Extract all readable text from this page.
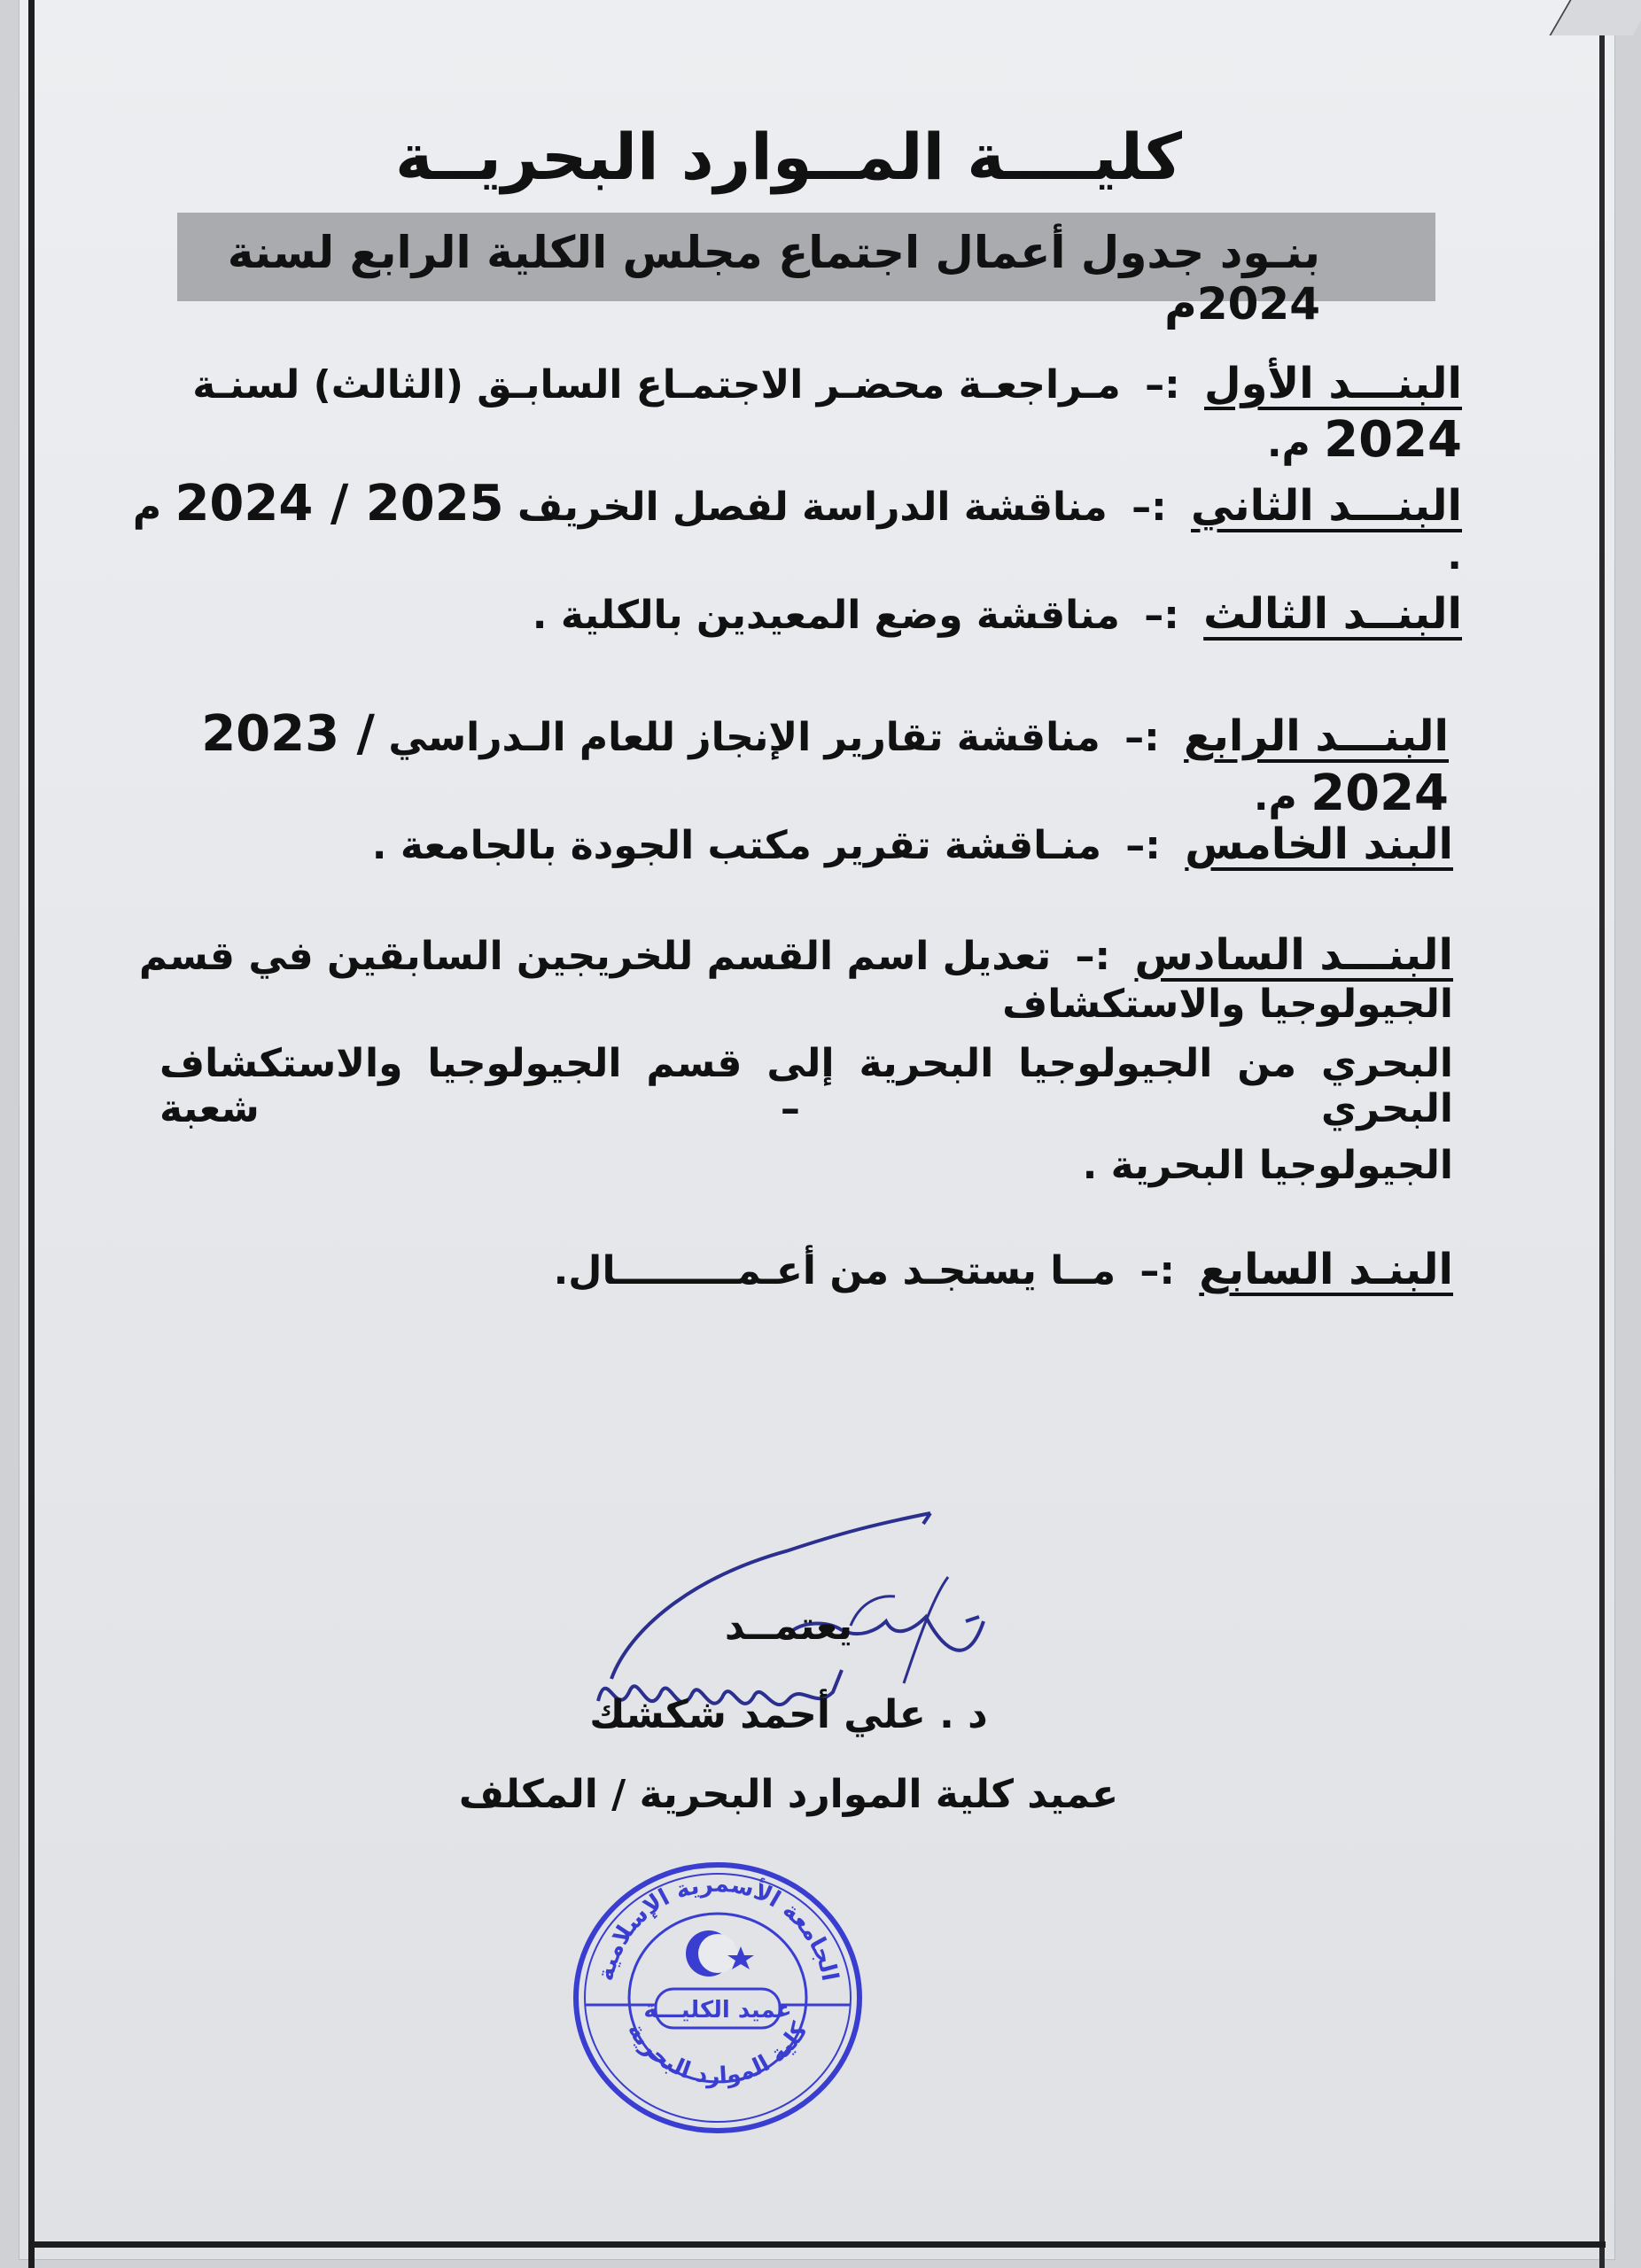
كليــــة المــوارد البحريــة
بنـود جدول أعمال اجتماع مجلس الكلية الرابع لسنة 2024م
البنـــد الأول :– مـراجعـة محضـر الاجتمـاع السابـق (الثالث) لسنـة 2024 م.
البنـــد الثاني :– مناقشة الدراسة لفصل الخريف 2024 / 2025 م .
البنــد الثالث :– مناقشة وضع المعيدين بالكلية .
البنـــد الرابع :– مناقشة تقارير الإنجاز للعام الـدراسي 2023 / 2024 م.
البند الخامس :– منـاقشة تقرير مكتب الجودة بالجامعة .
البنـــد السادس :– تعديل اسم القسم للخريجين السابقين في قسم الجيولوجيا والاستكشاف
البحري من الجيولوجيا البحرية إلى قسم الجيولوجيا والاستكشاف البحري – شعبة
الجيولوجيا البحرية .
البنـد السابع :– مــا يستجـد من أعـمـــــــــال.
يعتمــد
د . علي أحمد شكشك
عميد كلية الموارد البحرية / المكلف
الجامعة الأسمرية الإسلامية
كلية الموارد البحرية
عميد الكليـــة
